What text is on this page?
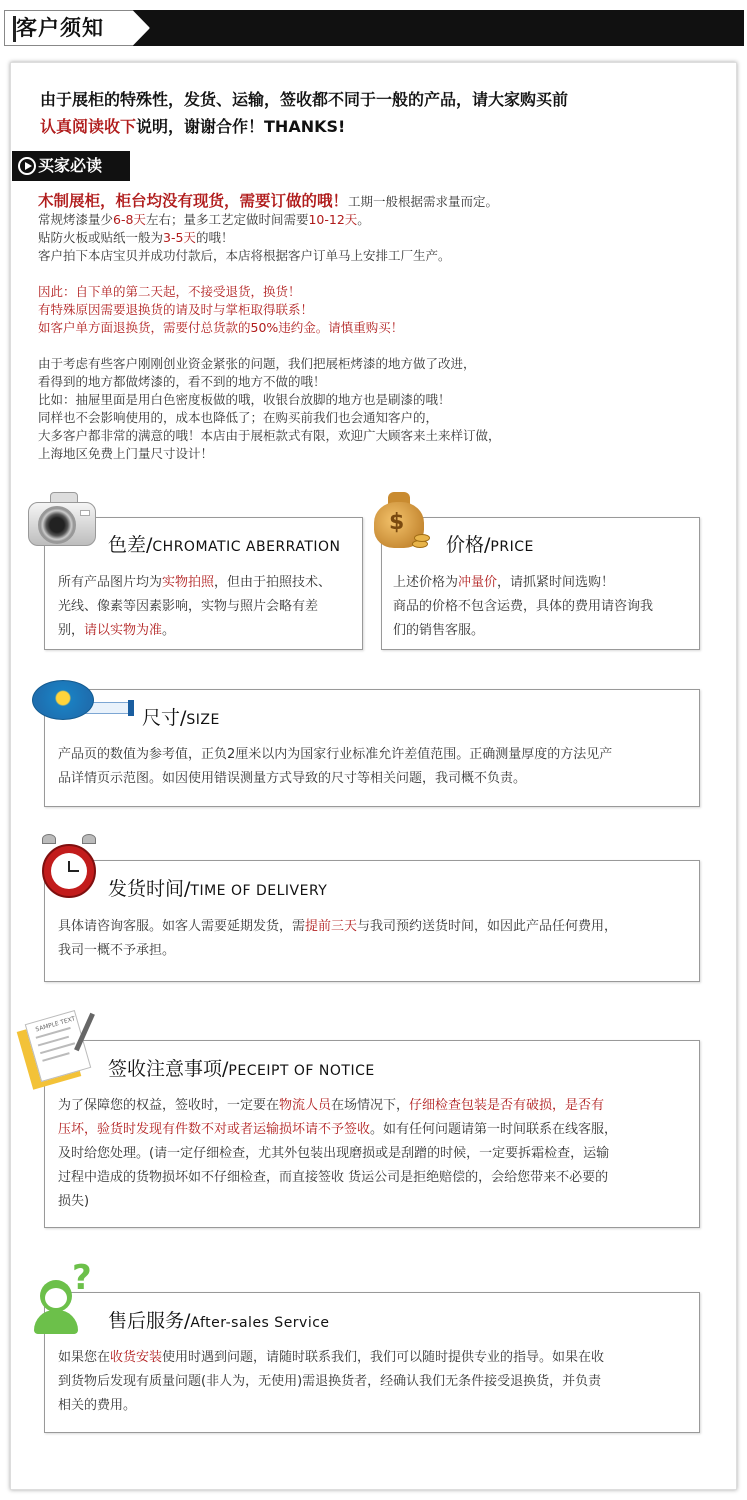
客户须知
由于展柜的特殊性，发货、运输，签收都不同于一般的产品，请大家购买前
认真阅读收下说明，谢谢合作！THANKS!
买家必读
木制展柜，柜台均没有现货，需要订做的哦！工期一般根据需求量而定。
常规烤漆量少6-8天左右；量多工艺定做时间需要10-12天。
贴防火板或贴纸一般为3-5天的哦！
客户拍下本店宝贝并成功付款后，本店将根据客户订单马上安排工厂生产。
因此：自下单的第二天起，不接受退货，换货！
有特殊原因需要退换货的请及时与掌柜取得联系！
如客户单方面退换货，需要付总货款的50%违约金。请慎重购买！
由于考虑有些客户刚刚创业资金紧张的问题，我们把展柜烤漆的地方做了改进，
看得到的地方都做烤漆的，看不到的地方不做的哦！
比如：抽屉里面是用白色密度板做的哦，收银台放脚的地方也是刷漆的哦！
同样也不会影响使用的，成本也降低了；在购买前我们也会通知客户的，
大多客户都非常的满意的哦！本店由于展柜款式有限，欢迎广大顾客来土来样订做，
上海地区免费上门量尺寸设计！
色差/CHROMATIC ABERRATION
所有产品图片均为实物拍照，但由于拍照技术、
光线、像素等因素影响，实物与照片会略有差
别，请以实物为准。
$
价格/PRICE
上述价格为冲量价，请抓紧时间选购！
商品的价格不包含运费，具体的费用请咨询我
们的销售客服。
尺寸/SIZE
产品页的数值为参考值，正负2厘米以内为国家行业标准允许差值范围。正确测量厚度的方法见产
品详情页示范图。如因使用错误测量方式导致的尺寸等相关问题，我司概不负责。
发货时间/TIME OF DELIVERY
具体请咨询客服。如客人需要延期发货，需提前三天与我司预约送货时间，如因此产品任何费用，
我司一概不予承担。
SAMPLE TEXT
签收注意事项/PECEIPT OF NOTICE
为了保障您的权益，签收时，一定要在物流人员在场情况下，仔细检查包装是否有破损，是否有
压坏，验货时发现有件数不对或者运输损坏请不予签收。如有任何问题请第一时间联系在线客服，
及时给您处理。(请一定仔细检查，尤其外包装出现磨损或是刮蹭的时候，一定要拆霜检查，运输
过程中造成的货物损坏如不仔细检查，而直接签收 货运公司是拒绝赔偿的，会给您带来不必要的
损失)
?
售后服务/After-sales Service
如果您在收货安装使用时遇到问题，请随时联系我们，我们可以随时提供专业的指导。如果在收
到货物后发现有质量问题(非人为，无使用)需退换货者，经确认我们无条件接受退换货，并负责
相关的费用。
